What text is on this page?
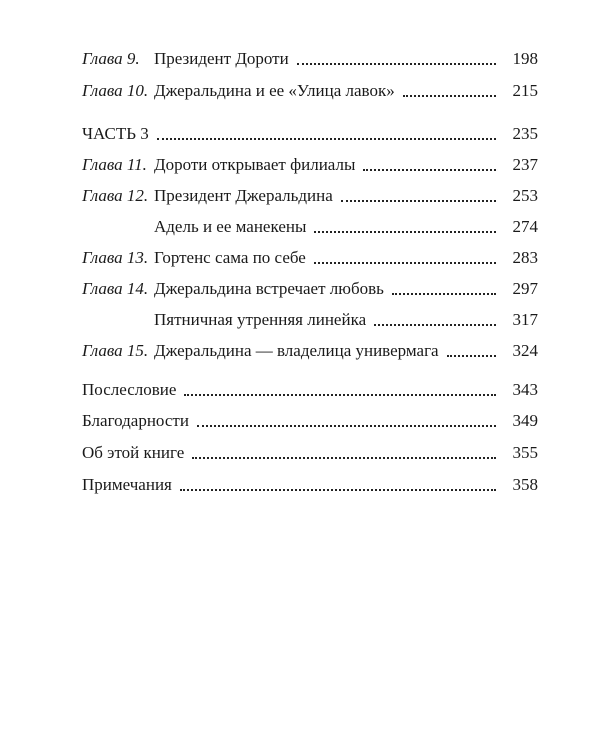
Глава 9. Президент Дороти	198
Глава 10. Джеральдина и ее «Улица лавок»	215
ЧАСТЬ 3	235
Глава 11. Дороти открывает филиалы	237
Глава 12. Президент Джеральдина	253
Адель и ее манекены	274
Глава 13. Гортенс сама по себе	283
Глава 14. Джеральдина встречает любовь	297
Пятничная утренняя линейка	317
Глава 15. Джеральдина — владелица универмага	324
Послесловие	343
Благодарности	349
Об этой книге	355
Примечания	358
